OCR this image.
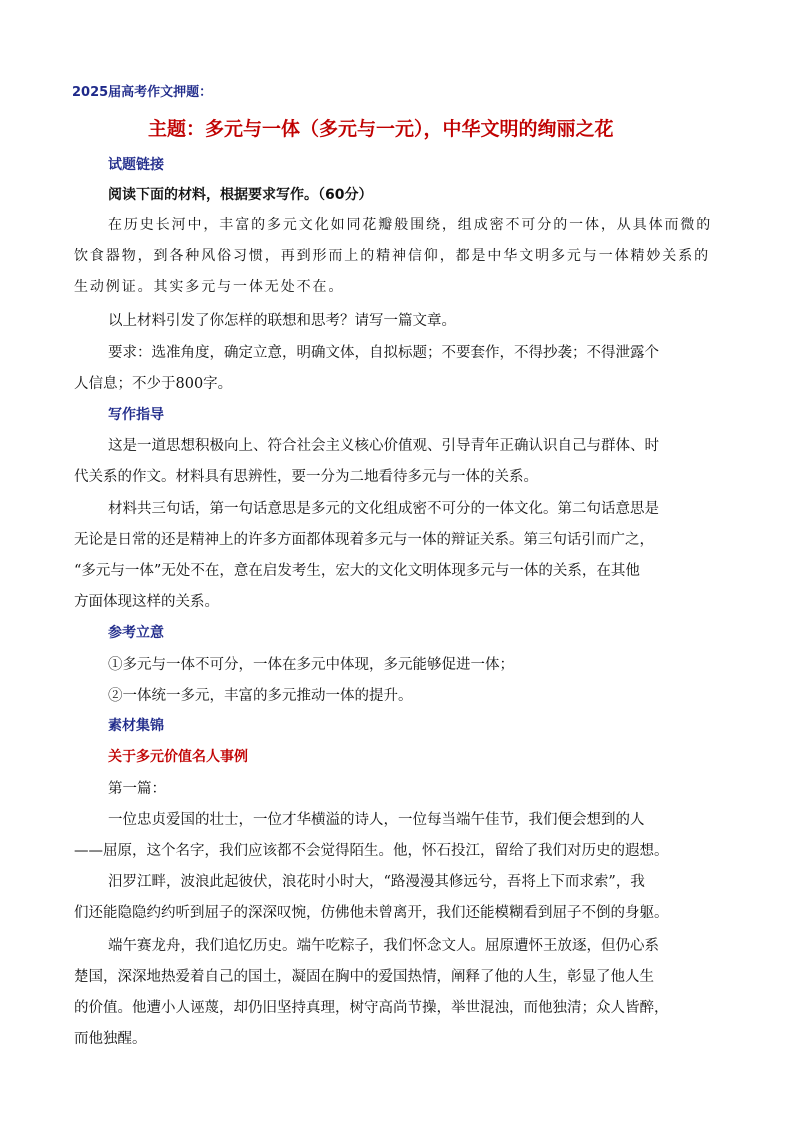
2025届高考作文押题：
主题：多元与一体（多元与一元），中华文明的绚丽之花
试题链接
阅读下面的材料，根据要求写作。（60分）
在历史长河中，丰富的多元文化如同花瓣般围绕，组成密不可分的一体，从具体而微的
饮食器物，到各种风俗习惯，再到形而上的精神信仰，都是中华文明多元与一体精妙关系的
生动例证。其实多元与一体无处不在。
以上材料引发了你怎样的联想和思考？请写一篇文章。
要求：选准角度，确定立意，明确文体，自拟标题；不要套作，不得抄袭；不得泄露个
人信息；不少于800字。
写作指导
这是一道思想积极向上、符合社会主义核心价值观、引导青年正确认识自己与群体、时
代关系的作文。材料具有思辨性，要一分为二地看待多元与一体的关系。
材料共三句话，第一句话意思是多元的文化组成密不可分的一体文化。第二句话意思是
无论是日常的还是精神上的许多方面都体现着多元与一体的辩证关系。第三句话引而广之，
“多元与一体”无处不在，意在启发考生，宏大的文化文明体现多元与一体的关系，在其他
方面体现这样的关系。
参考立意
①多元与一体不可分，一体在多元中体现，多元能够促进一体；
②一体统一多元，丰富的多元推动一体的提升。
素材集锦
关于多元价值名人事例
第一篇：
一位忠贞爱国的壮士，一位才华横溢的诗人，一位每当端午佳节，我们便会想到的人
——屈原，这个名字，我们应该都不会觉得陌生。他，怀石投江，留给了我们对历史的遐想。
汨罗江畔，波浪此起彼伏，浪花时小时大，“路漫漫其修远兮，吾将上下而求索”，我
们还能隐隐约约听到屈子的深深叹惋，仿佛他未曾离开，我们还能模糊看到屈子不倒的身躯。
端午赛龙舟，我们追忆历史。端午吃粽子，我们怀念文人。屈原遭怀王放逐，但仍心系
楚国，深深地热爱着自己的国土，凝固在胸中的爱国热情，阐释了他的人生，彰显了他人生
的价值。他遭小人诬蔑，却仍旧坚持真理，树守高尚节操，举世混浊，而他独清；众人皆醉，
而他独醒。
